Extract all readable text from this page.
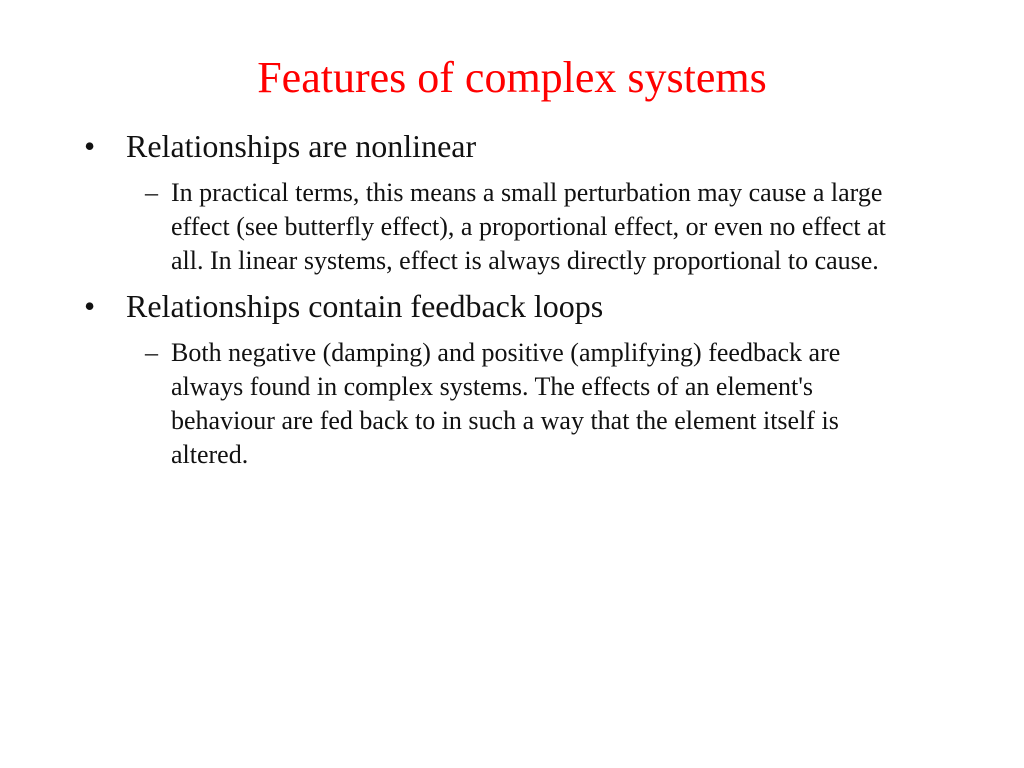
Features of complex systems
• Relationships are nonlinear
– In practical terms, this means a small perturbation may cause a large
effect (see butterfly effect), a proportional effect, or even no effect at
all. In linear systems, effect is always directly proportional to cause.
• Relationships contain feedback loops
– Both negative (damping) and positive (amplifying) feedback are
always found in complex systems. The effects of an element's
behaviour are fed back to in such a way that the element itself is
altered.
